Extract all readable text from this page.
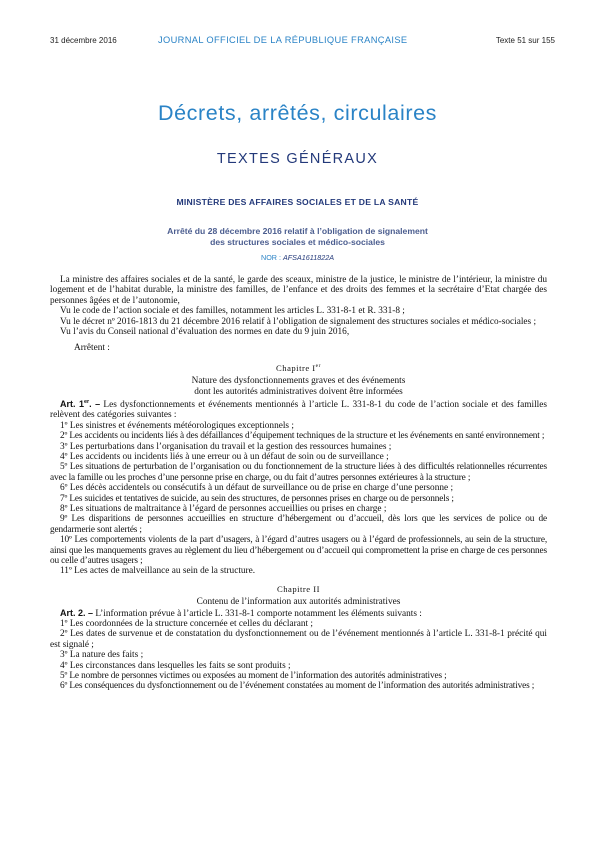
31 décembre 2016	JOURNAL OFFICIEL DE LA RÉPUBLIQUE FRANÇAISE	Texte 51 sur 155
Décrets, arrêtés, circulaires
TEXTES GÉNÉRAUX
MINISTÈRE DES AFFAIRES SOCIALES ET DE LA SANTÉ
Arrêté du 28 décembre 2016 relatif à l’obligation de signalement
des structures sociales et médico-sociales
NOR : AFSA1611822A

La ministre des affaires sociales et de la santé, le garde des sceaux, ministre de la justice, le ministre de l’intérieur, la ministre du logement et de l’habitat durable, la ministre des familles, de l’enfance et des droits des femmes et la secrétaire d’Etat chargée des personnes âgées et de l’autonomie,

Vu le code de l’action sociale et des familles, notamment les articles L. 331-8-1 et R. 331-8 ;

Vu le décret nº 2016-1813 du 21 décembre 2016 relatif à l’obligation de signalement des structures sociales et médico-sociales ;

Vu l’avis du Conseil national d’évaluation des normes en date du 9 juin 2016,

Arrêtent :

Chapitre Ier
Nature des dysfonctionnements graves et des événements
dont les autorités administratives doivent être informées

Art. 1er. – Les dysfonctionnements et événements mentionnés à l’article L. 331-8-1 du code de l’action sociale et des familles relèvent des catégories suivantes :

1º Les sinistres et événements météorologiques exceptionnels ;

2º Les accidents ou incidents liés à des défaillances d’équipement techniques de la structure et les événements en santé environnement ;

3º Les perturbations dans l’organisation du travail et la gestion des ressources humaines ;

4º Les accidents ou incidents liés à une erreur ou à un défaut de soin ou de surveillance ;

5º Les situations de perturbation de l’organisation ou du fonctionnement de la structure liées à des difficultés relationnelles récurrentes avec la famille ou les proches d’une personne prise en charge, ou du fait d’autres personnes extérieures à la structure ;

6º Les décès accidentels ou consécutifs à un défaut de surveillance ou de prise en charge d’une personne ;

7º Les suicides et tentatives de suicide, au sein des structures, de personnes prises en charge ou de personnels ;

8º Les situations de maltraitance à l’égard de personnes accueillies ou prises en charge ;

9º Les disparitions de personnes accueillies en structure d’hébergement ou d’accueil, dès lors que les services de police ou de gendarmerie sont alertés ;

10º Les comportements violents de la part d’usagers, à l’égard d’autres usagers ou à l’égard de professionnels, au sein de la structure, ainsi que les manquements graves au règlement du lieu d’hébergement ou d’accueil qui compromettent la prise en charge de ces personnes ou celle d’autres usagers ;

11º Les actes de malveillance au sein de la structure.

Chapitre II
Contenu de l’information aux autorités administratives

Art. 2. – L’information prévue à l’article L. 331-8-1 comporte notamment les éléments suivants :

1º Les coordonnées de la structure concernée et celles du déclarant ;

2º Les dates de survenue et de constatation du dysfonctionnement ou de l’événement mentionnés à l’article L. 331-8-1 précité qui est signalé ;

3º La nature des faits ;

4º Les circonstances dans lesquelles les faits se sont produits ;

5º Le nombre de personnes victimes ou exposées au moment de l’information des autorités administratives ;

6º Les conséquences du dysfonctionnement ou de l’événement constatées au moment de l’information des autorités administratives ;
